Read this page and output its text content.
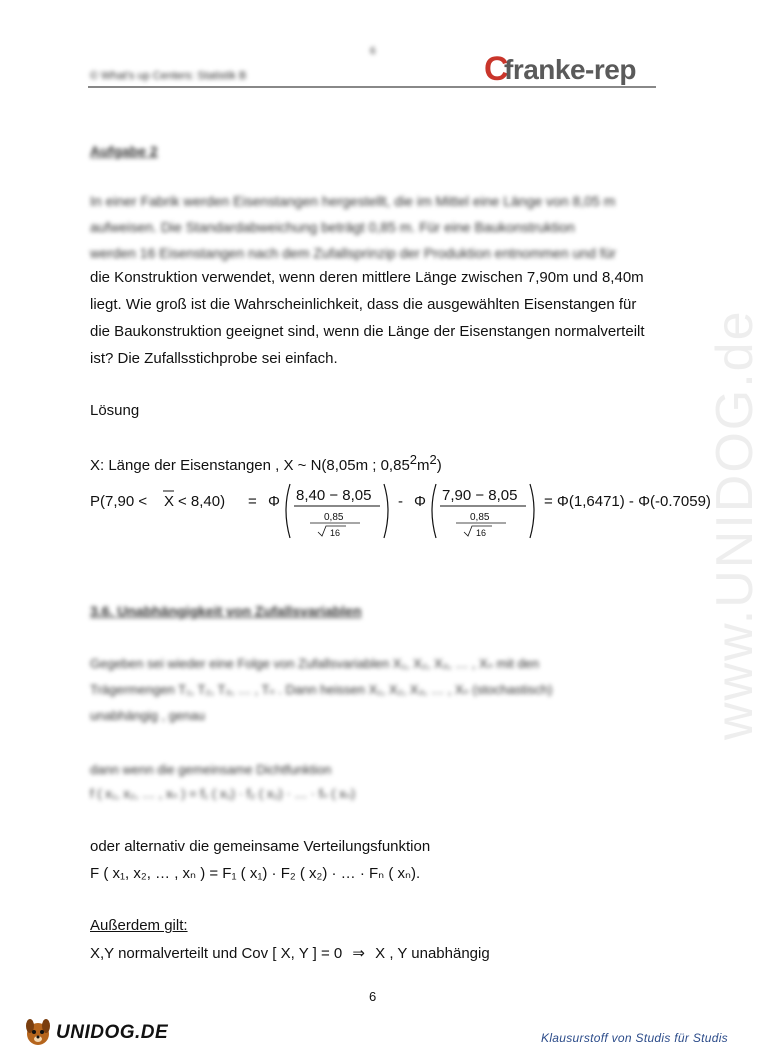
6
© What's up Centers: Statistik B	C
franke-rep
www.UNIDOG.de
Aufgabe 2
In einer Fabrik werden Eisenstangen hergestellt, die im Mittel eine Länge von 8,05 m
aufweisen. Die Standardabweichung beträgt 0,85 m. Für eine Baukonstruktion
werden 16 Eisenstangen nach dem Zufallsprinzip der Produktion entnommen und für
die Konstruktion verwendet, wenn deren mittlere Länge zwischen 7,90m und 8,40m
liegt. Wie groß ist die Wahrscheinlichkeit, dass die ausgewählten Eisenstangen für
die Baukonstruktion geeignet sind, wenn die Länge der Eisenstangen normalverteilt
ist? Die Zufallsstichprobe sei einfach.
Lösung
X: Länge der Eisenstangen , X ~ N(8,05m ; 0,852m2)
P(7,90 < X < 8,40) = Φ 8,40 − 8,05
0,85
16
- Φ 7,90 − 8,05
0,85
16
= Φ(1,6471) - Φ(-0.7059)
3.6. Unabhängigkeit von Zufallsvariablen
Gegeben sei wieder eine Folge von Zufallsvariablen X₁, X₂, X₃, … , Xₙ mit den
Trägermengen T₁, T₂, T₃, … , Tₙ . Dann heissen X₁, X₂, X₃, … , Xₙ (stochastisch)
unabhängig , genau
dann wenn die gemeinsame Dichtfunktion
f ( x₁, x₂, … , xₙ ) = f₁ ( x₁) · f₂ ( x₂) · … · fₙ ( xₙ)
oder alternativ die gemeinsame Verteilungsfunktion
F ( x₁, x₂, … , xₙ ) = F₁ ( x₁) · F₂ ( x₂) · … · Fₙ ( xₙ).
Außerdem gilt:
X,Y normalverteilt und Cov [ X, Y ] = 0 ⇒ X , Y unabhängig
6
UNIDOG.DE	Klausurstoff von Studis für Studis
